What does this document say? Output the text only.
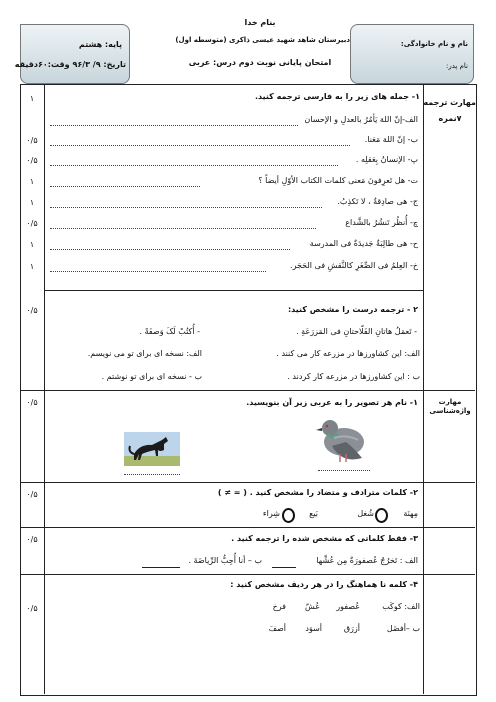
بنام خدا
دبیرستان شاهد شهید عیسی ذاکری (متوسطه اول)
امتحان پایانی نوبت دوم درس: عربی
نام و نام خانوادگی:
نام پدر:
پایه: هشتم
تاریخ: ۹/ ۹۶/۳ وقت:۶۰دقیقه
مهارت ترجمه
۷نمره
۱- جمله های زیر را به فارسی ترجمه کنید.
۱
الف-إنّ اللهَ یَأمُرُ بالعدلِ و الإحسان
ب- إنّ اللهَ مَعَنا.
۰/۵
پ- الإنسانُ بِعَقلِه .
۰/۵
ت- هل تَعرِفونَ مَعنی کلمات الکتاب الأوّلِ أیضاً ؟
۱
ج- هی صادِقةٌ ، لا تَکذِبُ.
۱
چ- أُنظُر تَنشُرُ بالشَّداع
۰/۵
ح- هی طالِبَةٌ جَدیدَةٌ فی المدرسة
۱
خ- العِلمُ فی الصِّغَرِ کالنَّقشِ فی الحَجَر.
۱
۲ - ترجمه درست را مشخص کنید:
۰/۵
- تَعمَلُ هاتانِ الفَلّاحتانِ فی المَزرَعَةِ .
- أُکتُبْ لَکَ وَصفَةً .
الف: این کشاورزها در مزرعه کار می کنند .
ب : این کشاورزها در مزرعه کار کردند .
الف: نسخه ای برای تو می نویسم.
ب - نسخه ای برای تو نوشتم .
مهارت واژه‌شناسی
۱- نام هر تصویر را به عربی زیر آن بنویسید.
۰/۵
۲- کلمات مترادف و متضاد را مشخص کنید . ( = ≠ )
۰/۵
مِهنَة
شُغل
بَیع
شِراء
۳- فقط کلماتی که مشخص شده را ترجمه کنید .
۰/۵
الف : تَخرُجُ عُصفورَةٌ مِن عُشِّها
ب – أنا أُحِبُّ الرِّیاضَةَ .
۴- کلمه نا هماهنگ را در هر ردیف مشخص کنید :
۰/۵	الف: کوکَب
عُصفور
عُشّ
فرخ
ب –أفضَل
أزرَق
أسوَد
أصفَ
